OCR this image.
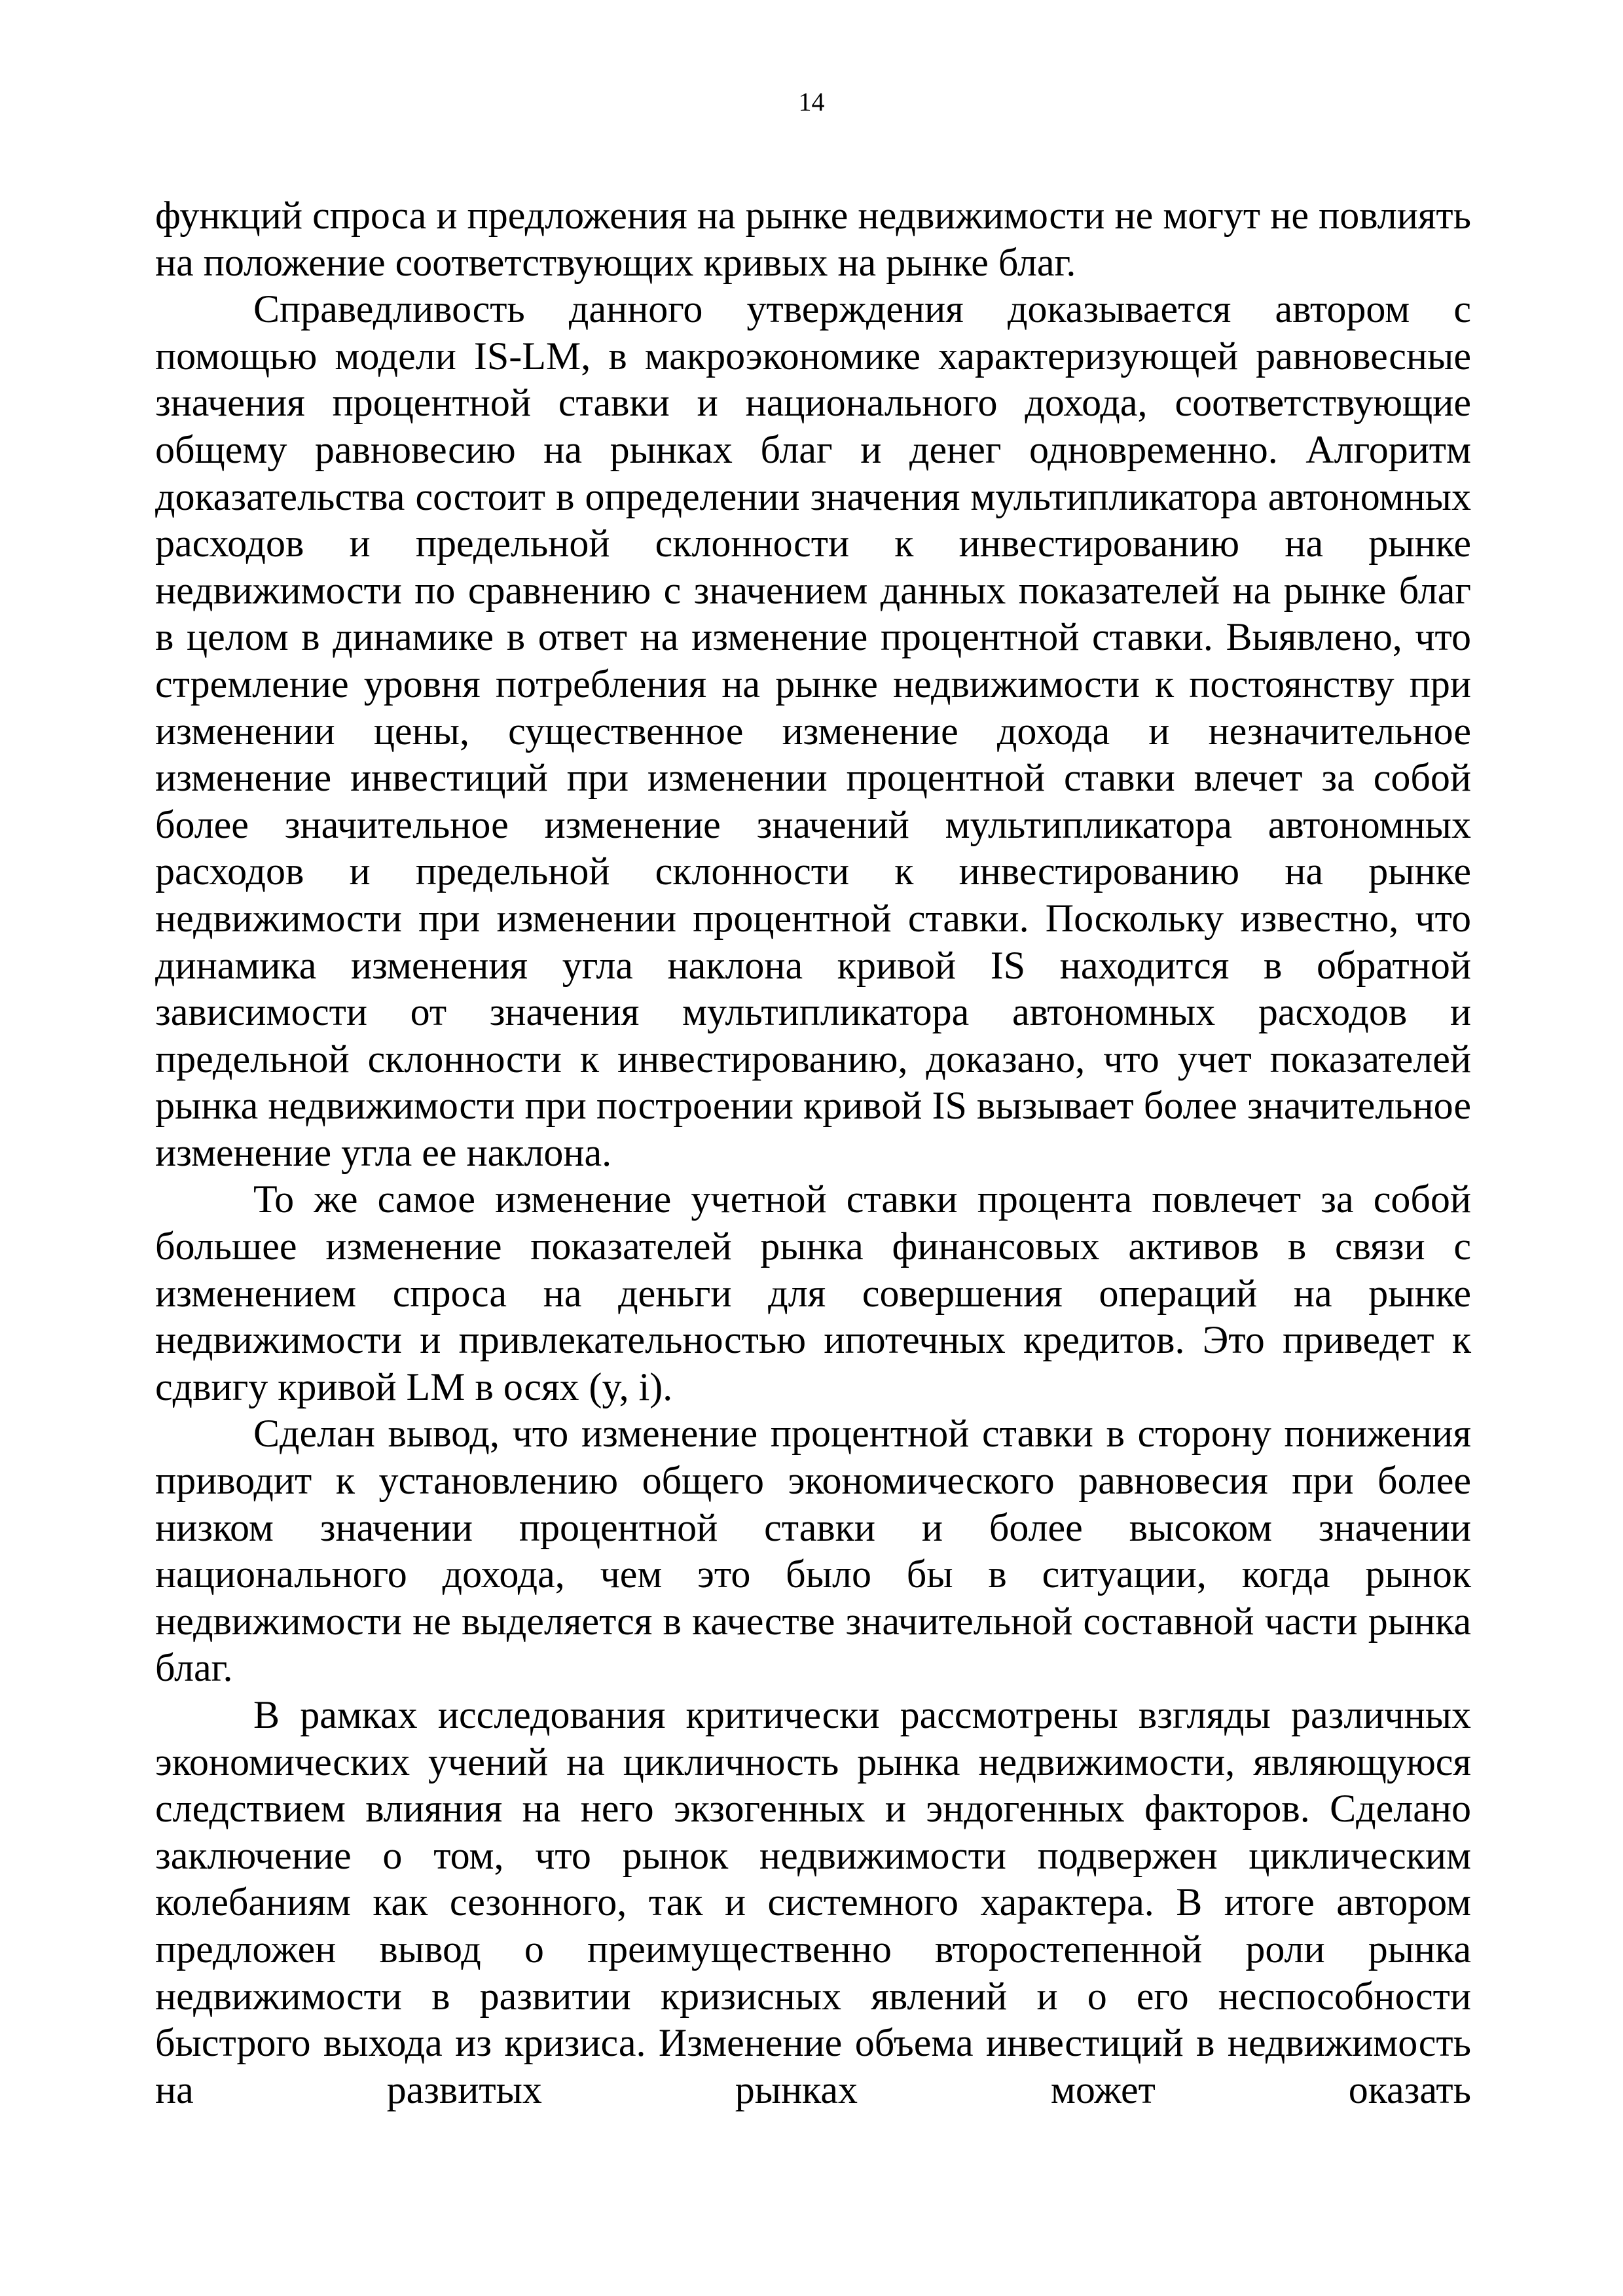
14

функций спроса и предложения на рынке недвижимости не могут не повлиять на положение соответствующих кривых на рынке благ.

Справедливость данного утверждения доказывается автором с помощью модели IS-LM, в макроэкономике характеризующей равновесные значения процентной ставки и национального дохода, соответствующие общему равновесию на рынках благ и денег одновременно. Алгоритм доказательства состоит в определении значения мультипликатора автономных расходов и предельной склонности к инвестированию на рынке недвижимости по сравнению с значением данных показателей на рынке благ в целом в динамике в ответ на изменение процентной ставки. Выявлено, что стремление уровня потребления на рынке недвижимости к постоянству при изменении цены, существенное изменение дохода и незначительное изменение инвестиций при изменении процентной ставки влечет за собой более значительное изменение значений мультипликатора автономных расходов и предельной склонности к инвестированию на рынке недвижимости при изменении процентной ставки. Поскольку известно, что динамика изменения угла наклона кривой IS находится в обратной зависимости от значения мультипликатора автономных расходов и предельной склонности к инвестированию, доказано, что учет показателей рынка недвижимости при построении кривой IS вызывает более значительное изменение угла ее наклона.

То же самое изменение учетной ставки процента повлечет за собой большее изменение показателей рынка финансовых активов в связи с изменением спроса на деньги для совершения операций на рынке недвижимости и привлекательностью ипотечных кредитов. Это приведет к сдвигу кривой LM в осях (y, i).

Сделан вывод, что изменение процентной ставки в сторону понижения приводит к установлению общего экономического равновесия при более низком значении процентной ставки и более высоком значении национального дохода, чем это было бы в ситуации, когда рынок недвижимости не выделяется в качестве значительной составной части рынка благ.

В рамках исследования критически рассмотрены взгляды различных экономических учений на цикличность рынка недвижимости, являющуюся следствием влияния на него экзогенных и эндогенных факторов. Сделано заключение о том, что рынок недвижимости подвержен циклическим колебаниям как сезонного, так и системного характера. В итоге автором предложен вывод о преимущественно второстепенной роли рынка недвижимости в развитии кризисных явлений и о его неспособности быстрого выхода из кризиса. Изменение объема инвестиций в недвижимость на развитых рынках может оказать
